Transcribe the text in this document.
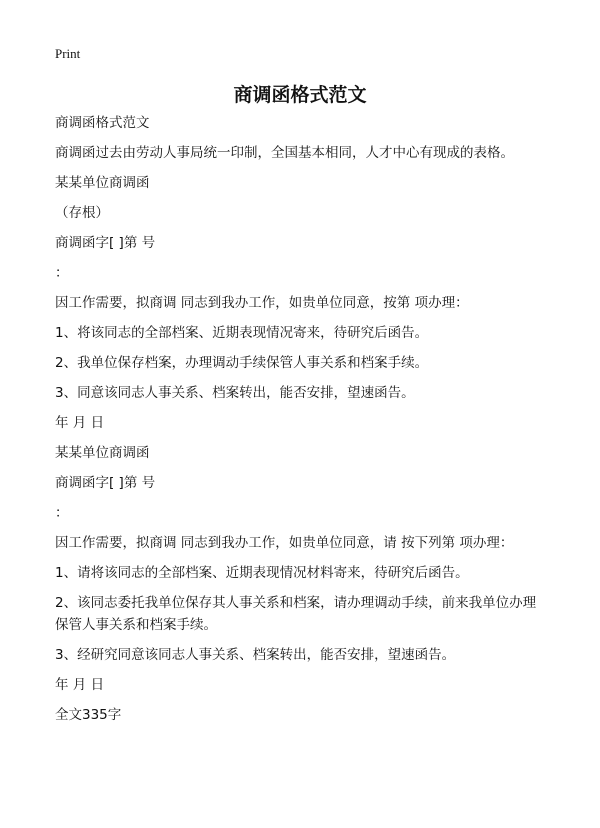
Print
商调函格式范文

商调函格式范文

商调函过去由劳动人事局统一印制，全国基本相同，人才中心有现成的表格。

某某单位商调函

（存根）

商调函字[ ]第 号

：

因工作需要，拟商调 同志到我办工作，如贵单位同意，按第 项办理：

1、将该同志的全部档案、近期表现情况寄来，待研究后函告。

2、我单位保存档案，办理调动手续保管人事关系和档案手续。

3、同意该同志人事关系、档案转出，能否安排，望速函告。

年 月 日

某某单位商调函

商调函字[ ]第 号

：

因工作需要，拟商调 同志到我办工作，如贵单位同意，请 按下列第 项办理：

1、请将该同志的全部档案、近期表现情况材料寄来，待研究后函告。

2、该同志委托我单位保存其人事关系和档案，请办理调动手续，前来我单位办理保管人事关系和档案手续。

3、经研究同意该同志人事关系、档案转出，能否安排，望速函告。

年 月 日

全文335字
